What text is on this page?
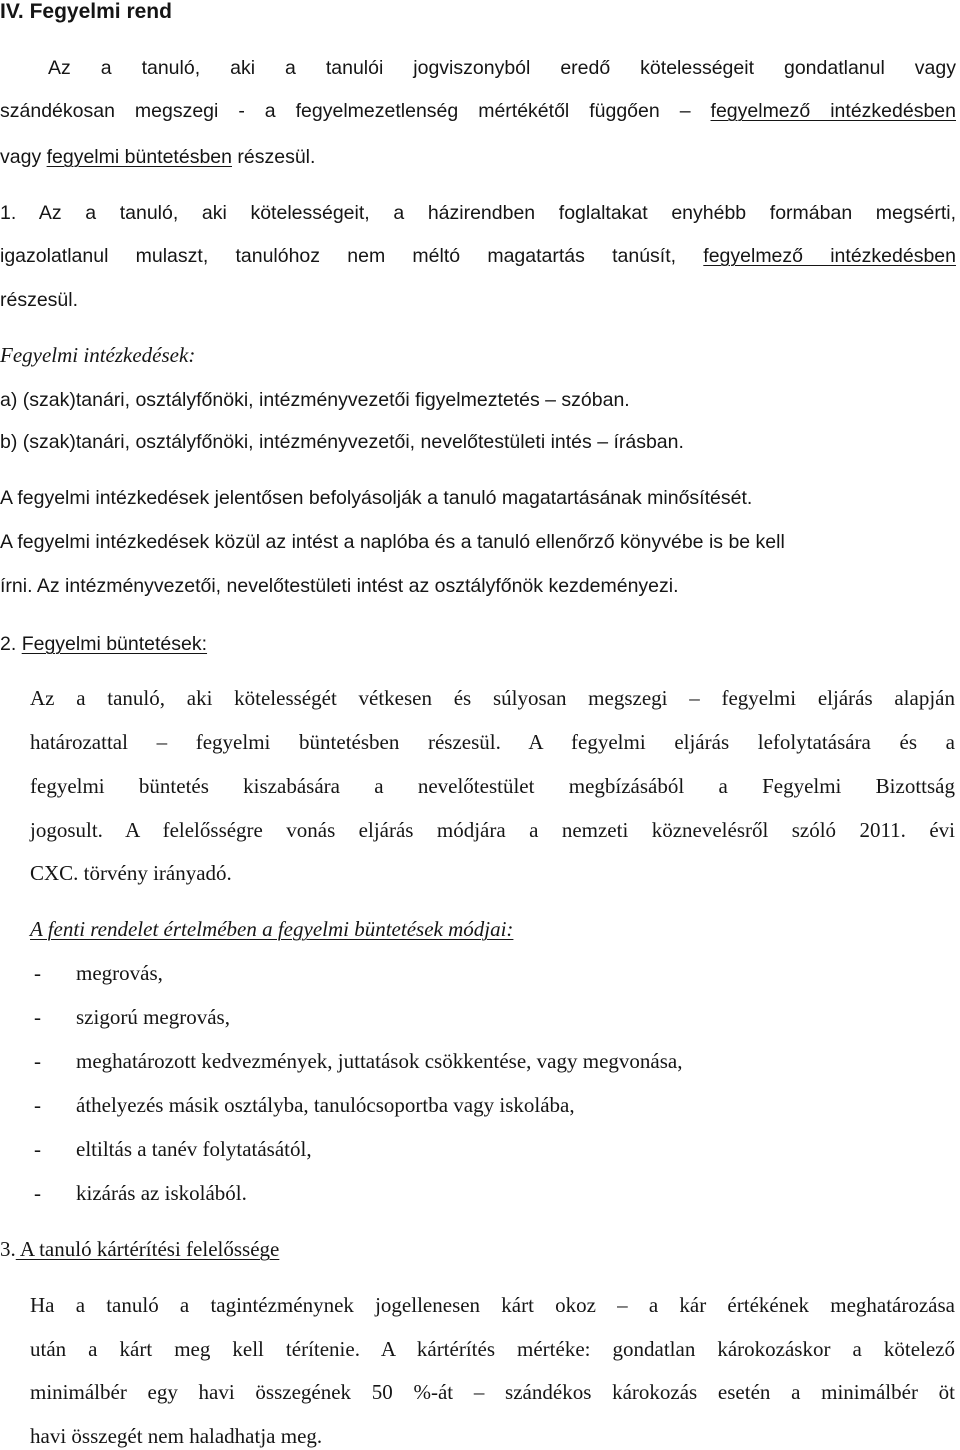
IV. Fegyelmi rend
Az a tanuló, aki a tanulói jogviszonyból eredő kötelességeit gondatlanul vagy
szándékosan megszegi - a fegyelmezetlenség mértékétől függően – fegyelmező intézkedésben
vagy fegyelmi büntetésben részesül.
1. Az a tanuló, aki kötelességeit, a házirendben foglaltakat enyhébb formában megsérti,
igazolatlanul mulaszt, tanulóhoz nem méltó magatartás tanúsít, fegyelmező intézkedésben
részesül.
Fegyelmi intézkedések:
a) (szak)tanári, osztályfőnöki, intézményvezetői figyelmeztetés – szóban.
b) (szak)tanári, osztályfőnöki, intézményvezetői, nevelőtestületi intés – írásban.
A fegyelmi intézkedések jelentősen befolyásolják a tanuló magatartásának minősítését.
A fegyelmi intézkedések közül az intést a naplóba és a tanuló ellenőrző könyvébe is be kell
írni. Az intézményvezetői, nevelőtestületi intést az osztályfőnök kezdeményezi.
2. Fegyelmi büntetések:
Az a tanuló, aki kötelességét vétkesen és súlyosan megszegi – fegyelmi eljárás alapján
határozattal – fegyelmi büntetésben részesül. A fegyelmi eljárás lefolytatására és a
fegyelmi büntetés kiszabására a nevelőtestület megbízásából a Fegyelmi Bizottság
jogosult. A felelősségre vonás eljárás módjára a nemzeti köznevelésről szóló 2011. évi
CXC. törvény irányadó.
A fenti rendelet értelmében a fegyelmi büntetések módjai:
- megrovás,
- szigorú megrovás,
- meghatározott kedvezmények, juttatások csökkentése, vagy megvonása,
- áthelyezés másik osztályba, tanulócsoportba vagy iskolába,
- eltiltás a tanév folytatásától,
- kizárás az iskolából.
3. A tanuló kártérítési felelőssége
Ha a tanuló a tagintézménynek jogellenesen kárt okoz – a kár értékének meghatározása
után a kárt meg kell térítenie. A kártérítés mértéke: gondatlan károkozáskor a kötelező
minimálbér egy havi összegének 50 %-át – szándékos károkozás esetén a minimálbér öt
havi összegét nem haladhatja meg.
